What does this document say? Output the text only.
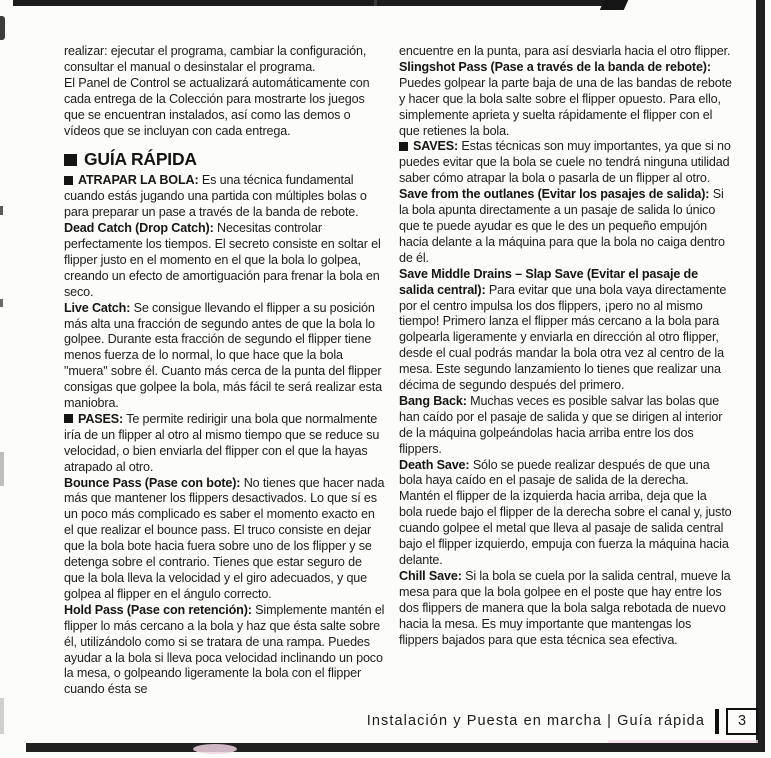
realizar: ejecutar el programa, cambiar la configuración, consultar el manual o desinstalar el programa.

El Panel de Control se actualizará automáticamente con cada entrega de la Colección para mostrarte los juegos que se encuentran instalados, así como las demos o vídeos que se incluyan con cada entrega.

GUÍA RÁPIDA

ATRAPAR LA BOLA: Es una técnica fundamental cuando estás jugando una partida con múltiples bolas o para preparar un pase a través de la banda de rebote.

Dead Catch (Drop Catch): Necesitas controlar perfectamente los tiempos. El secreto consiste en soltar el flipper justo en el momento en el que la bola lo golpea, creando un efecto de amortiguación para frenar la bola en seco.

Live Catch: Se consigue llevando el flipper a su posición más alta una fracción de segundo antes de que la bola lo golpee. Durante esta fracción de segundo el flipper tiene menos fuerza de lo normal, lo que hace que la bola "muera" sobre él. Cuanto más cerca de la punta del flipper consigas que golpee la bola, más fácil te será realizar esta maniobra.

PASES: Te permite redirigir una bola que normalmente iría de un flipper al otro al mismo tiempo que se reduce su velocidad, o bien enviarla del flipper con el que la hayas atrapado al otro.

Bounce Pass (Pase con bote): No tienes que hacer nada más que mantener los flippers desactivados. Lo que sí es un poco más complicado es saber el momento exacto en el que realizar el bounce pass. El truco consiste en dejar que la bola bote hacia fuera sobre uno de los flipper y se detenga sobre el contrario. Tienes que estar seguro de que la bola lleva la velocidad y el giro adecuados, y que golpea al flipper en el ángulo correcto.

Hold Pass (Pase con retención): Simplemente mantén el flipper lo más cercano a la bola y haz que ésta salte sobre él, utilizándolo como si se tratara de una rampa. Puedes ayudar a la bola si lleva poca velocidad inclinando un poco la mesa, o golpeando ligeramente la bola con el flipper cuando ésta se

encuentre en la punta, para así desviarla hacia el otro flipper.

Slingshot Pass (Pase a través de la banda de rebote): Puedes golpear la parte baja de una de las bandas de rebote y hacer que la bola salte sobre el flipper opuesto. Para ello, simplemente aprieta y suelta rápidamente el flipper con el que retienes la bola.

SAVES: Estas técnicas son muy importantes, ya que si no puedes evitar que la bola se cuele no tendrá ninguna utilidad saber cómo atrapar la bola o pasarla de un flipper al otro.

Save from the outlanes (Evitar los pasajes de salida): Si la bola apunta directamente a un pasaje de salida lo único que te puede ayudar es que le des un pequeño empujón hacia delante a la máquina para que la bola no caiga dentro de él.

Save Middle Drains – Slap Save (Evitar el pasaje de salida central): Para evitar que una bola vaya directamente por el centro impulsa los dos flippers, ¡pero no al mismo tiempo! Primero lanza el flipper más cercano a la bola para golpearla ligeramente y enviarla en dirección al otro flipper, desde el cual podrás mandar la bola otra vez al centro de la mesa. Este segundo lanzamiento lo tienes que realizar una décima de segundo después del primero.

Bang Back: Muchas veces es posible salvar las bolas que han caído por el pasaje de salida y que se dirigen al interior de la máquina golpeándolas hacia arriba entre los dos flippers.

Death Save: Sólo se puede realizar después de que una bola haya caído en el pasaje de salida de la derecha. Mantén el flipper de la izquierda hacia arriba, deja que la bola ruede bajo el flipper de la derecha sobre el canal y, justo cuando golpee el metal que lleva al pasaje de salida central bajo el flipper izquierdo, empuja con fuerza la máquina hacia delante.

Chill Save: Si la bola se cuela por la salida central, mueve la mesa para que la bola golpee en el poste que hay entre los dos flippers de manera que la bola salga rebotada de nuevo hacia la mesa. Es muy importante que mantengas los flippers bajados para que esta técnica sea efectiva.

Instalación y Puesta en marcha | Guía rápida 3
